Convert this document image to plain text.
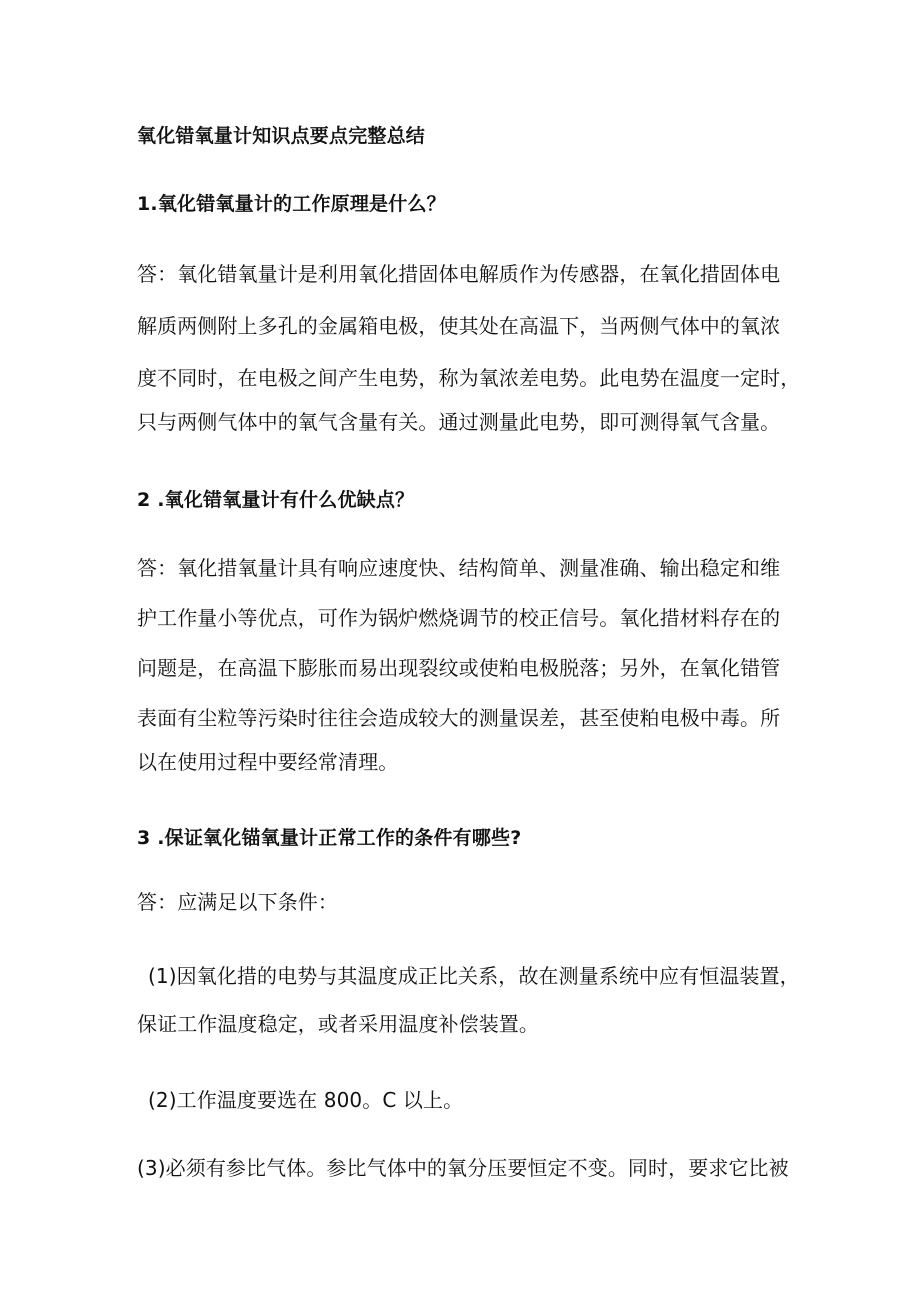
氧化错氧量计知识点要点完整总结
1.氧化错氧量计的工作原理是什么？
答：氧化错氧量计是利用氧化措固体电解质作为传感器，在氧化措固体电
解质两侧附上多孔的金属箱电极，使其处在高温下，当两侧气体中的氧浓
度不同时，在电极之间产生电势，称为氧浓差电势。此电势在温度一定时，
只与两侧气体中的氧气含量有关。通过测量此电势，即可测得氧气含量。
2 .氧化错氧量计有什么优缺点？
答：氧化措氧量计具有响应速度快、结构简单、测量准确、输出稳定和维
护工作量小等优点，可作为锅炉燃烧调节的校正信号。氧化措材料存在的
问题是，在高温下膨胀而易出现裂纹或使粕电极脱落；另外，在氧化错管
表面有尘粒等污染时往往会造成较大的测量误差，甚至使粕电极中毒。所
以在使用过程中要经常清理。
3 .保证氧化锚氧量计正常工作的条件有哪些?
答：应满足以下条件：
(1)因氧化措的电势与其温度成正比关系，故在测量系统中应有恒温装置，
保证工作温度稳定，或者采用温度补偿装置。
(2)工作温度要选在 800。C 以上。
(3)必须有参比气体。参比气体中的氧分压要恒定不变。同时，要求它比被
